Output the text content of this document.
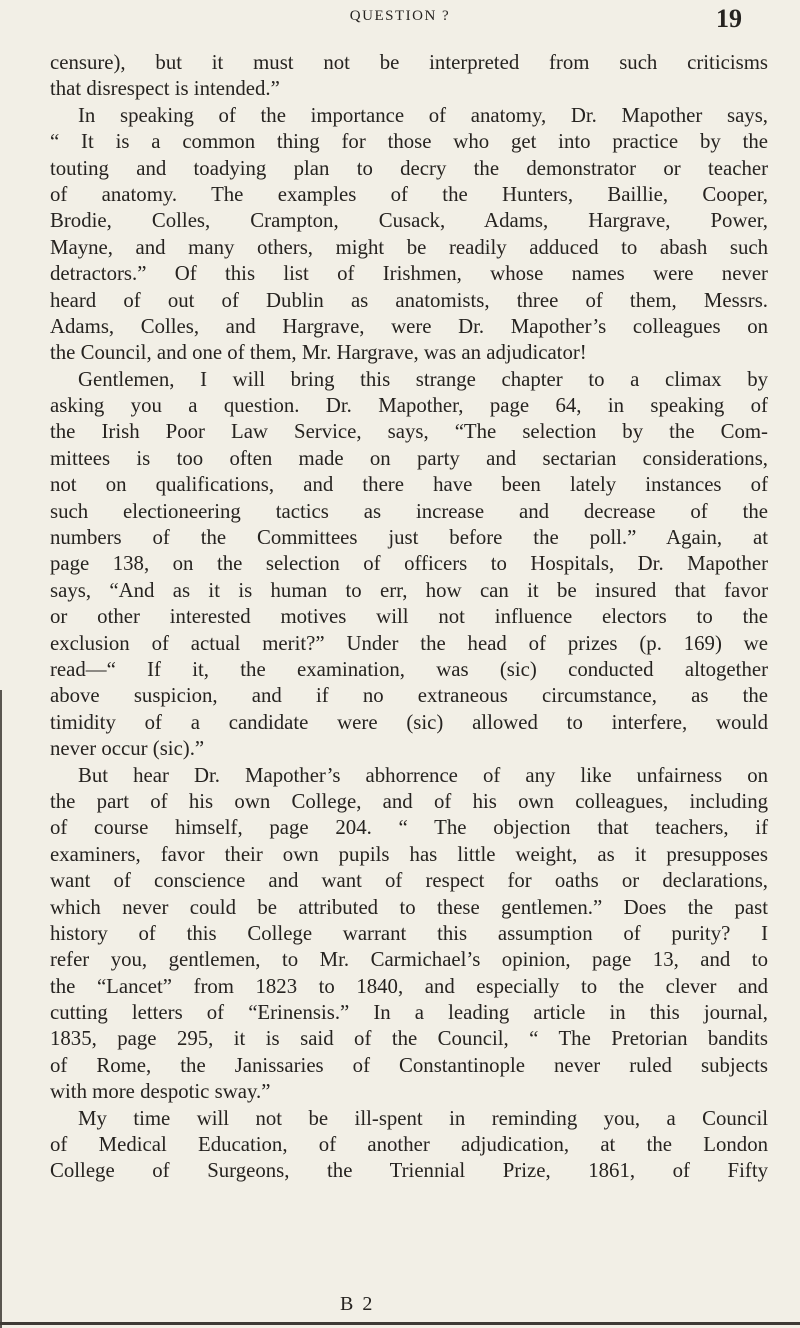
QUESTION ?	19
censure), but it must not be interpreted from such criticisms
that disrespect is intended.”
In speaking of the importance of anatomy, Dr. Mapother says,
“ It is a common thing for those who get into practice by the
touting and toadying plan to decry the demonstrator or teacher
of anatomy. The examples of the Hunters, Baillie, Cooper,
Brodie, Colles, Crampton, Cusack, Adams, Hargrave, Power,
Mayne, and many others, might be readily adduced to abash such
detractors.” Of this list of Irishmen, whose names were never
heard of out of Dublin as anatomists, three of them, Messrs.
Adams, Colles, and Hargrave, were Dr. Mapother’s colleagues on
the Council, and one of them, Mr. Hargrave, was an adjudicator!
Gentlemen, I will bring this strange chapter to a climax by
asking you a question. Dr. Mapother, page 64, in speaking of
the Irish Poor Law Service, says, “The selection by the Com-
mittees is too often made on party and sectarian considerations,
not on qualifications, and there have been lately instances of
such electioneering tactics as increase and decrease of the
numbers of the Committees just before the poll.” Again, at
page 138, on the selection of officers to Hospitals, Dr. Mapother
says, “And as it is human to err, how can it be insured that favor
or other interested motives will not influence electors to the
exclusion of actual merit?” Under the head of prizes (p. 169) we
read—“ If it, the examination, was (sic) conducted altogether
above suspicion, and if no extraneous circumstance, as the
timidity of a candidate were (sic) allowed to interfere, would
never occur (sic).”
But hear Dr. Mapother’s abhorrence of any like unfairness on
the part of his own College, and of his own colleagues, including
of course himself, page 204. “ The objection that teachers, if
examiners, favor their own pupils has little weight, as it presupposes
want of conscience and want of respect for oaths or declarations,
which never could be attributed to these gentlemen.” Does the past
history of this College warrant this assumption of purity? I
refer you, gentlemen, to Mr. Carmichael’s opinion, page 13, and to
the “Lancet” from 1823 to 1840, and especially to the clever and
cutting letters of “Erinensis.” In a leading article in this journal,
1835, page 295, it is said of the Council, “ The Pretorian bandits
of Rome, the Janissaries of Constantinople never ruled subjects
with more despotic sway.”
My time will not be ill-spent in reminding you, a Council
of Medical Education, of another adjudication, at the London
College of Surgeons, the Triennial Prize, 1861, of Fifty
B 2
